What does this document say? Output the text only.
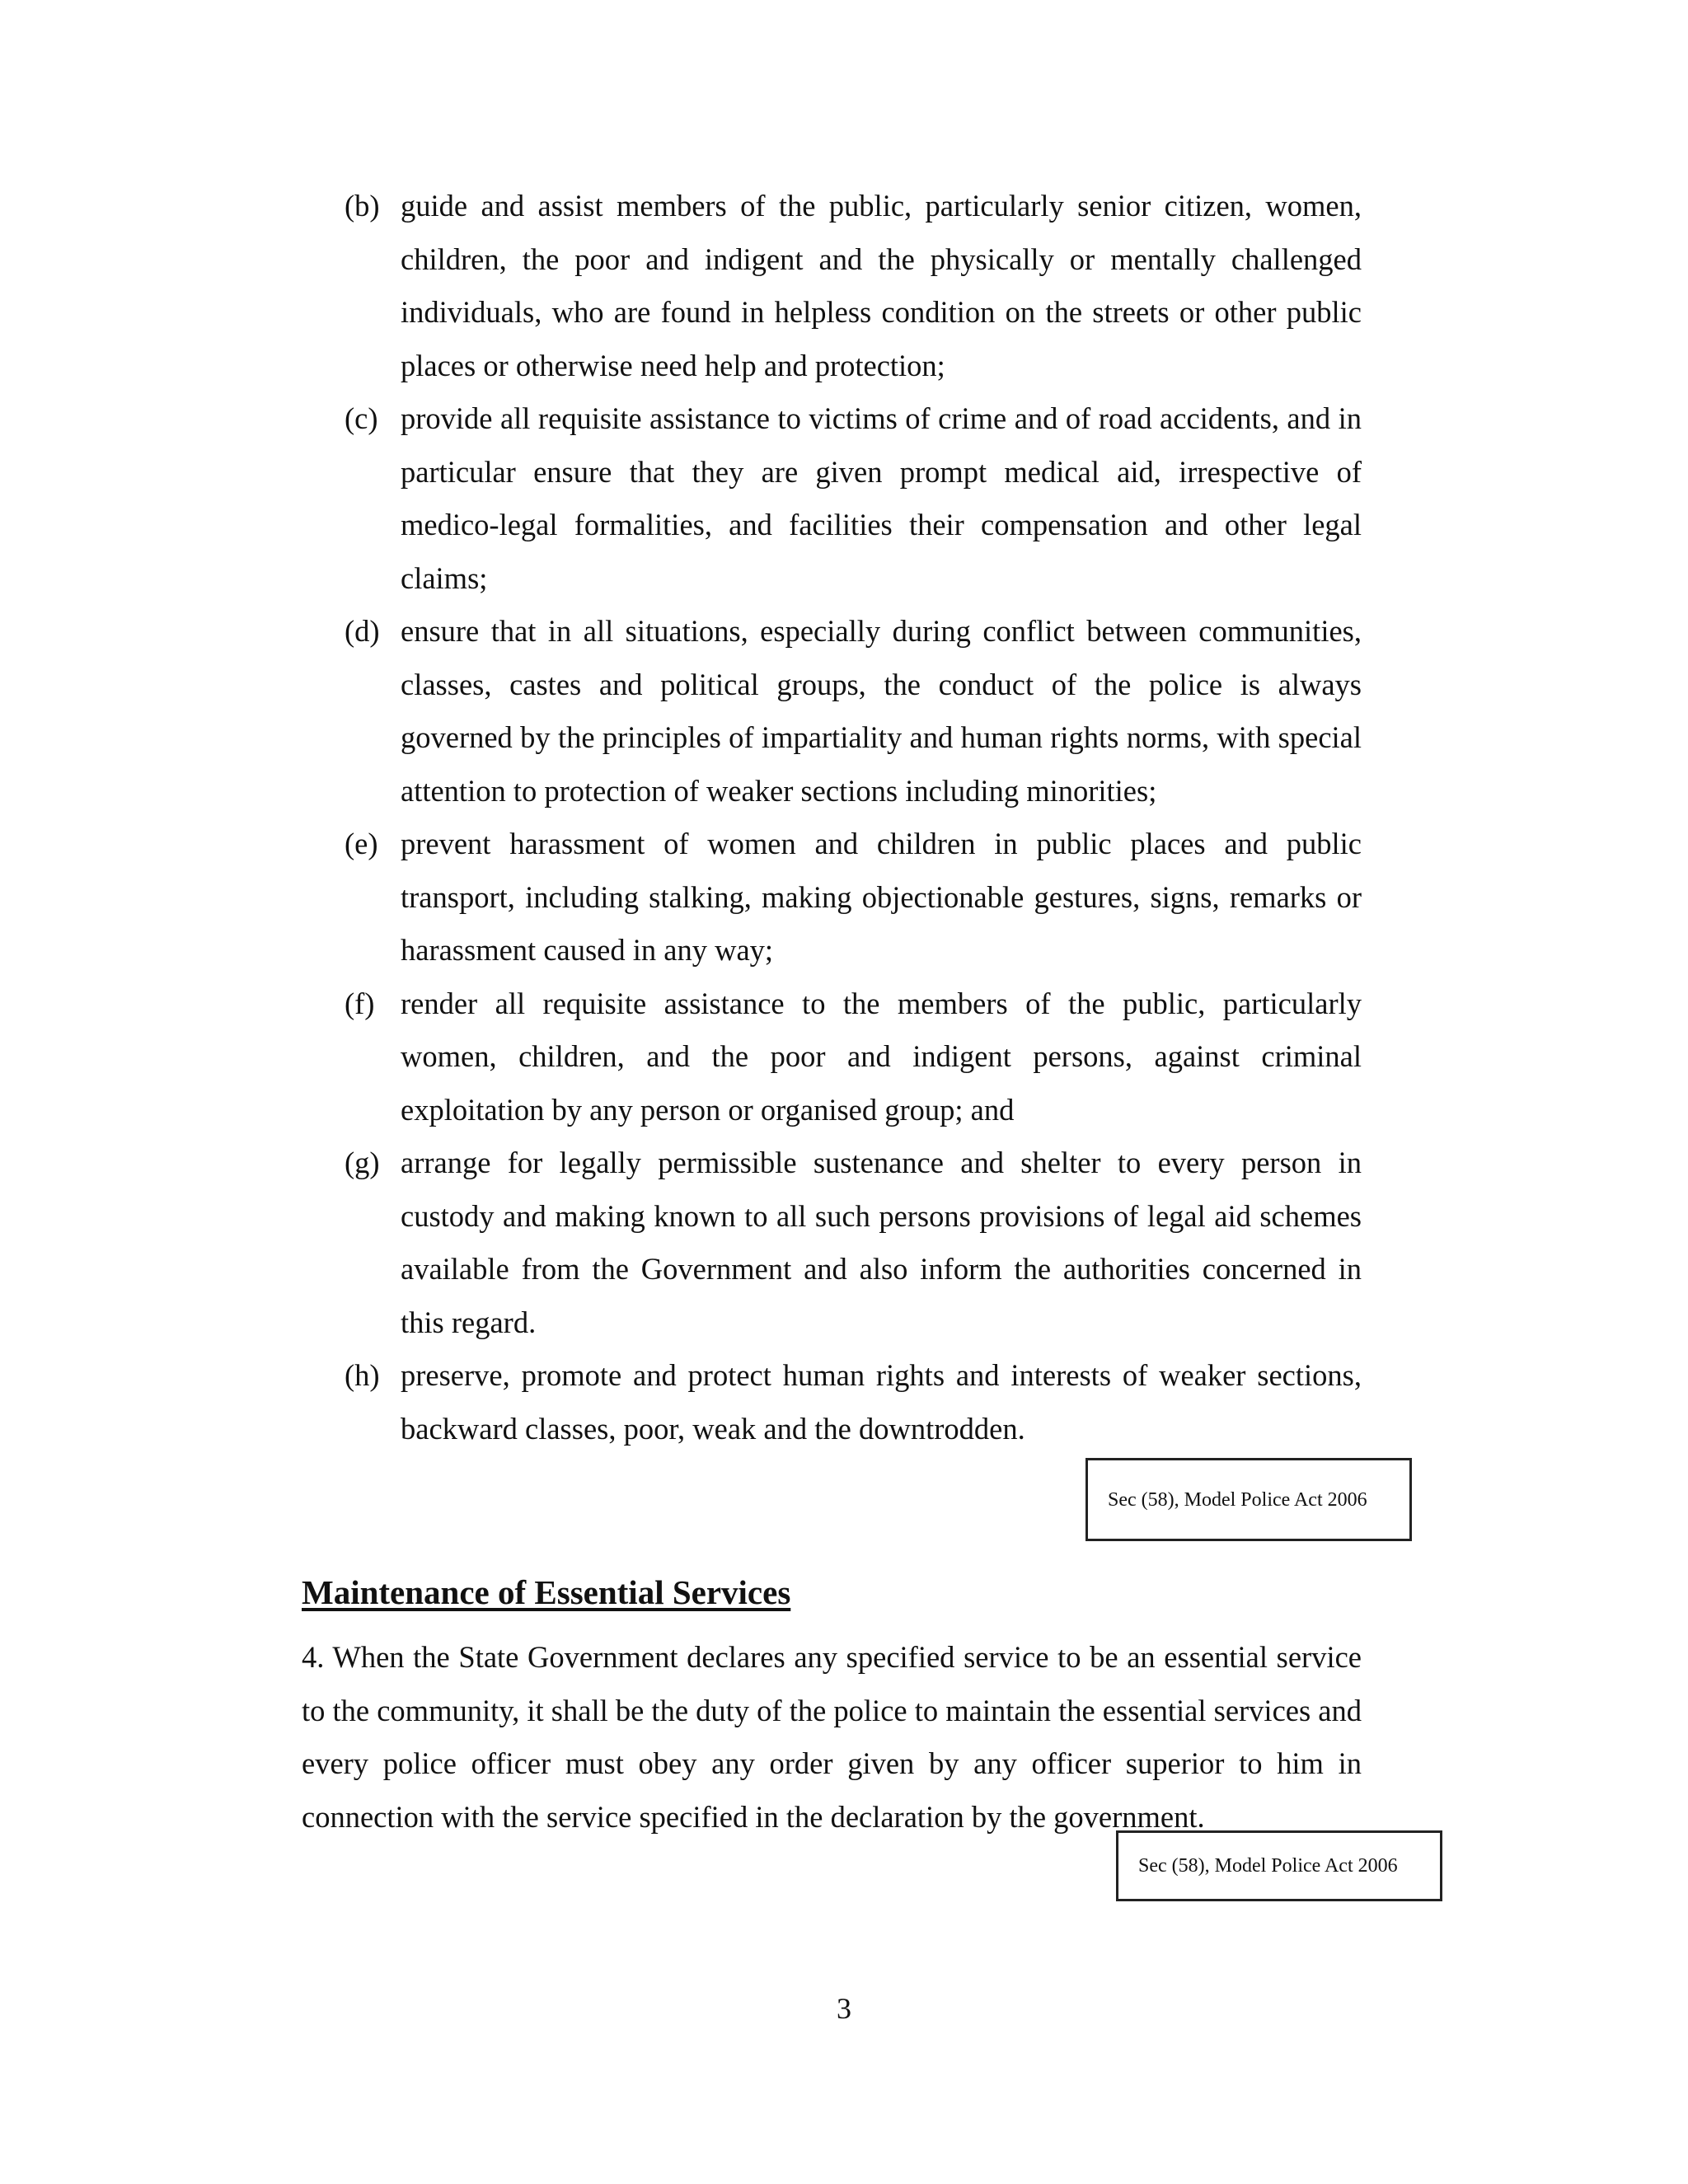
(b) guide and assist members of the public, particularly senior citizen, women, children, the poor and indigent and the physically or mentally challenged individuals, who are found in helpless condition on the streets or other public places or otherwise need help and protection;
(c) provide all requisite assistance to victims of crime and of road accidents, and in particular ensure that they are given prompt medical aid, irrespective of medico-legal formalities, and facilities their compensation and other legal claims;
(d) ensure that in all situations, especially during conflict between communities, classes, castes and political groups, the conduct of the police is always governed by the principles of impartiality and human rights norms, with special attention to protection of weaker sections including minorities;
(e) prevent harassment of women and children in public places and public transport, including stalking, making objectionable gestures, signs, remarks or harassment caused in any way;
(f) render all requisite assistance to the members of the public, particularly women, children, and the poor and indigent persons, against criminal exploitation by any person or organised group; and
(g) arrange for legally permissible sustenance and shelter to every person in custody and making known to all such persons provisions of legal aid schemes available from the Government and also inform the authorities concerned in this regard.
(h) preserve, promote and protect human rights and interests of weaker sections, backward classes, poor, weak and the downtrodden.
Sec (58), Model Police Act 2006
Maintenance of Essential Services

4. When the State Government declares any specified service to be an essential service to the community, it shall be the duty of the police to maintain the essential services and every police officer must obey any order given by any officer superior to him in connection with the service specified in the declaration by the government.

Sec (58), Model Police Act 2006
3
